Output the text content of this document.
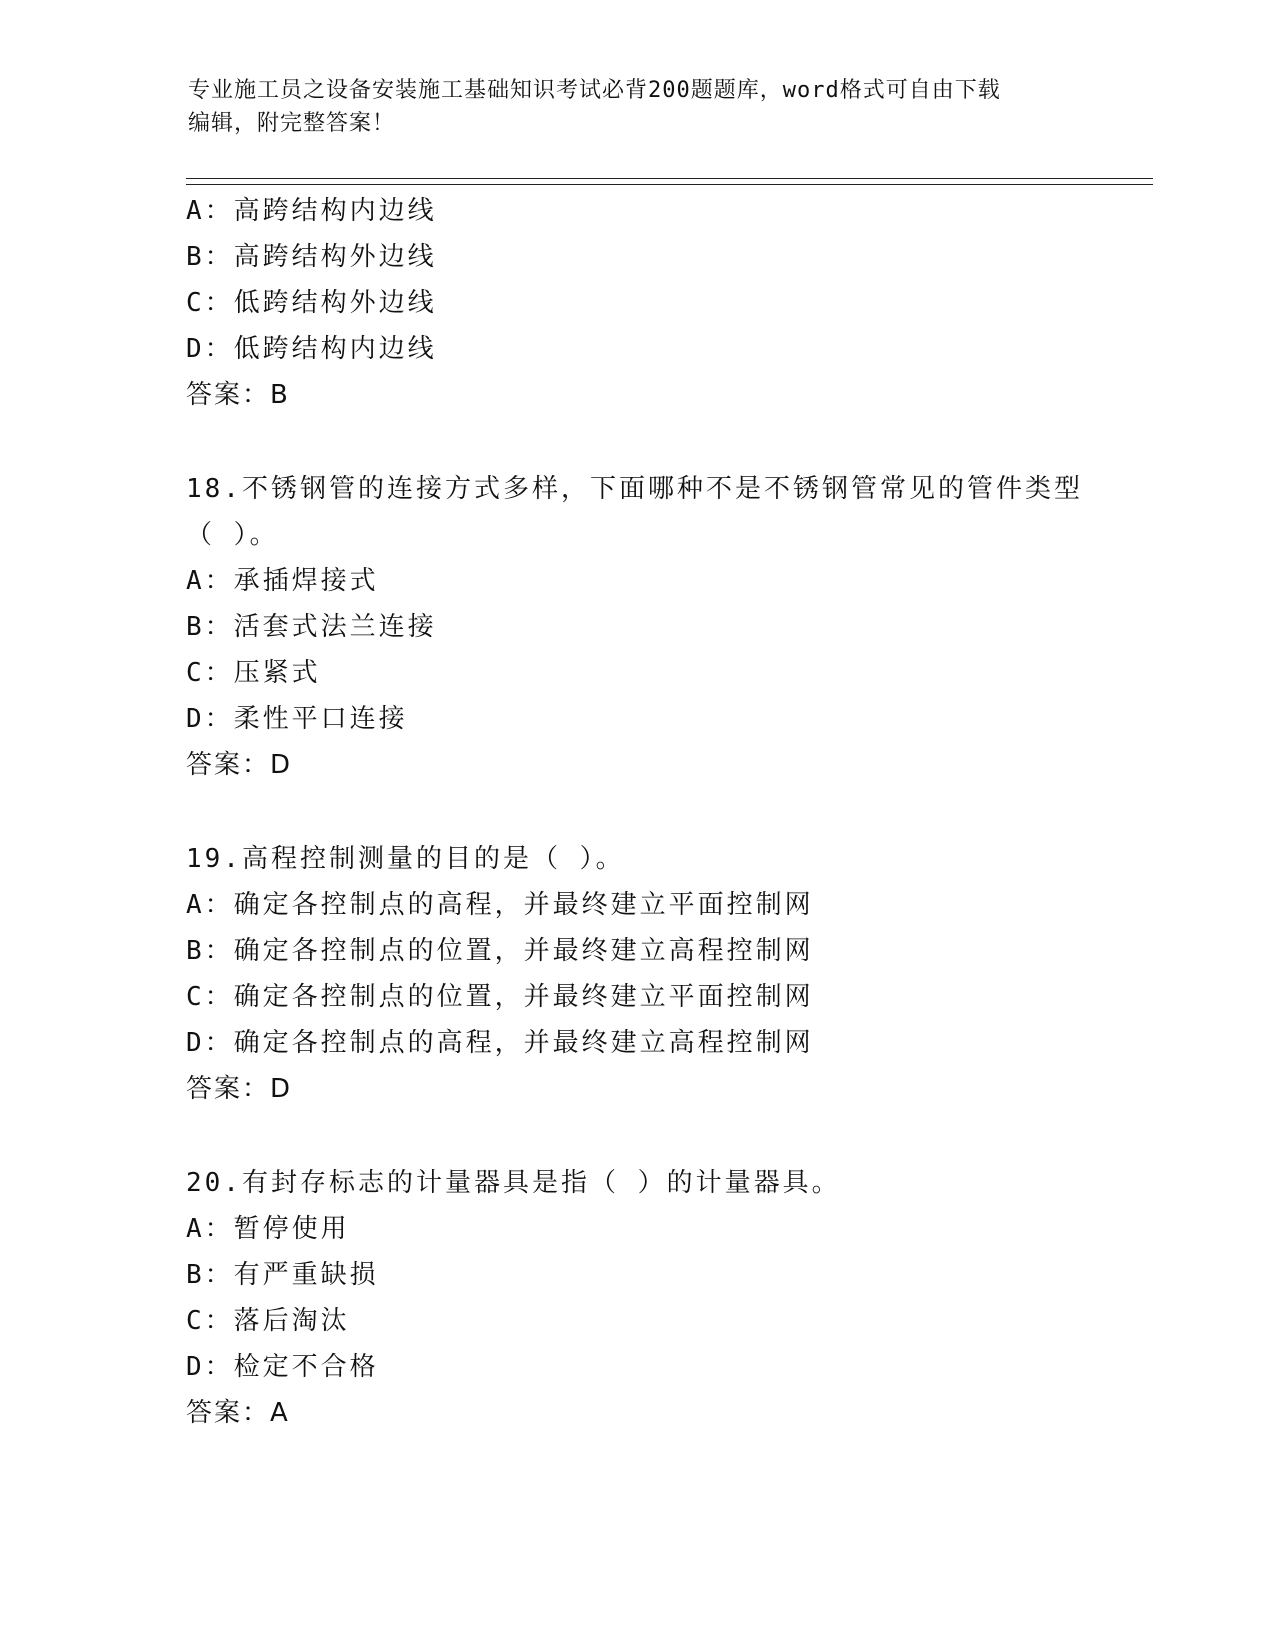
专业施工员之设备安装施工基础知识考试必背200题题库，word格式可自由下载
编辑，附完整答案！
A：高跨结构内边线
B：高跨结构外边线
C：低跨结构外边线
D：低跨结构内边线
答案：B
18.不锈钢管的连接方式多样，下面哪种不是不锈钢管常见的管件类型
（ ）。
A：承插焊接式
B：活套式法兰连接
C：压紧式
D：柔性平口连接
答案：D
19.高程控制测量的目的是（ ）。
A：确定各控制点的高程，并最终建立平面控制网
B：确定各控制点的位置，并最终建立高程控制网
C：确定各控制点的位置，并最终建立平面控制网
D：确定各控制点的高程，并最终建立高程控制网
答案：D
20.有封存标志的计量器具是指（ ）的计量器具。
A：暂停使用
B：有严重缺损
C：落后淘汰
D：检定不合格
答案：A
